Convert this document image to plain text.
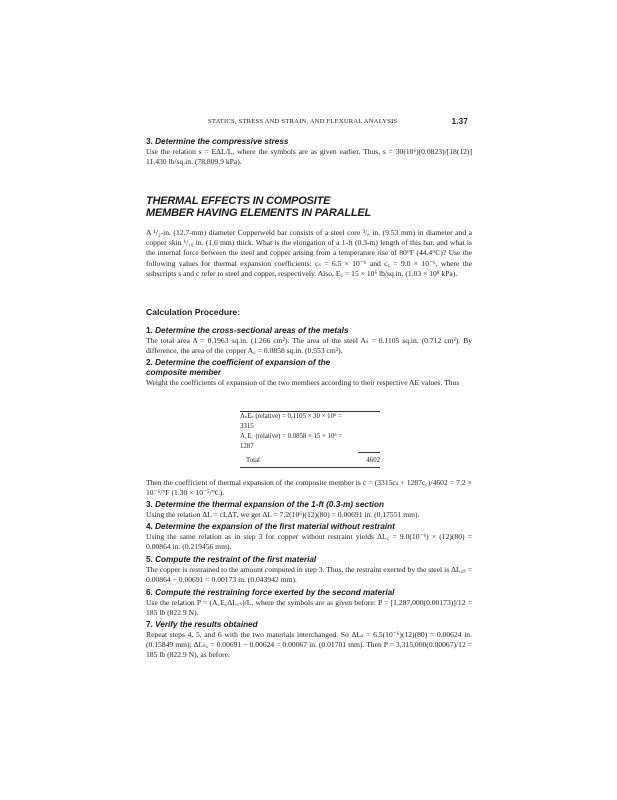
STATICS, STRESS AND STRAIN, AND FLEXURAL ANALYSIS	1.37
3. Determine the compressive stress

Use the relation s = EΔL/L, where the symbols are as given earlier. Thus, s = 30(10⁶)(0.0823)/[18(12)] 11,430 lb/sq.in. (78,809.9 kPa).

THERMAL EFFECTS IN COMPOSITE
MEMBER HAVING ELEMENTS IN PARALLEL

A ¹/₂-in. (12.7-mm) diameter Copperweld bar consists of a steel core ³/₈ in. (9.53 mm) in diameter and a copper skin ¹/₁₆ in. (1.6 mm) thick. What is the elongation of a 1-ft (0.3-m) length of this bar, and what is the internal force between the steel and copper arising from a temperature rise of 80°F (44.4°C)? Use the following values for thermal expansion coefficients: cₛ = 6.5 × 10⁻⁶ and c꜀ = 9.0 × 10⁻⁶, where the subscripts s and c refer to steel and copper, respectively. Also, E꜀ = 15 × 10⁶ lb/sq.in. (1.03 × 10⁸ kPa).

Calculation Procedure:
1. Determine the cross-sectional areas of the metals

The total area A = 0.1963 sq.in. (1.266 cm²). The area of the steel Aₛ = 0.1105 sq.in. (0.712 cm²). By difference, the area of the copper A꜀ = 0.0858 sq.in. (0.553 cm²).

2. Determine the coefficient of expansion of the
composite member

Weight the coefficients of expansion of the two members according to their respective AE values. Thus

AₛEₛ (relative) = 0.1105 × 30 × 10⁶ =
3315
A꜀E꜀ (relative) = 0.0858 × 15 × 10⁶ =
1287
Total	4602

Then the coefficient of thermal expansion of the composite member is c = (3315cₛ + 1287c꜀)/4602 = 7.2 × 10⁻⁶/°F (1.30 × 10⁻⁵/°C).

3. Determine the thermal expansion of the 1-ft (0.3-m) section

Using the relation ΔL = cLΔT, we get ΔL = 7.2(10⁶)(12)(80) = 0.00691 in. (0.17551 mm).

4. Determine the expansion of the first material without restraint

Using the same relation as in step 3 for copper without restraint yields ΔL꜀ = 9.0(10⁻⁶) × (12)(80) = 0.00864 in. (0.219456 mm).

5. Compute the restraint of the first material

The copper is restrained to the amount computed in step 3. Thus, the restraint exerted by the steel is ΔL꜀ₛ = 0.00864 − 0.00691 = 0.00173 in. (0.043942 mm).

6. Compute the restraining force exerted by the second material

Use the relation P = (A꜀E꜀ΔL꜀ₛ)/L, where the symbols are as given before: P = [1,287,000(0.00173)]/12 = 185 lb (822.9 N).

7. Verify the results obtained

Repeat steps 4, 5, and 6 with the two materials interchanged. So ΔLₛ = 6.5(10⁻⁶)(12)(80) = 0.00624 in. (0.15849 mm); ΔLₛ꜀ = 0.00691 − 0.00624 = 0.00067 in. (0.01701 mm). Then P = 3,315,000(0.00067)/12 = 185 lb (822.9 N), as before.
